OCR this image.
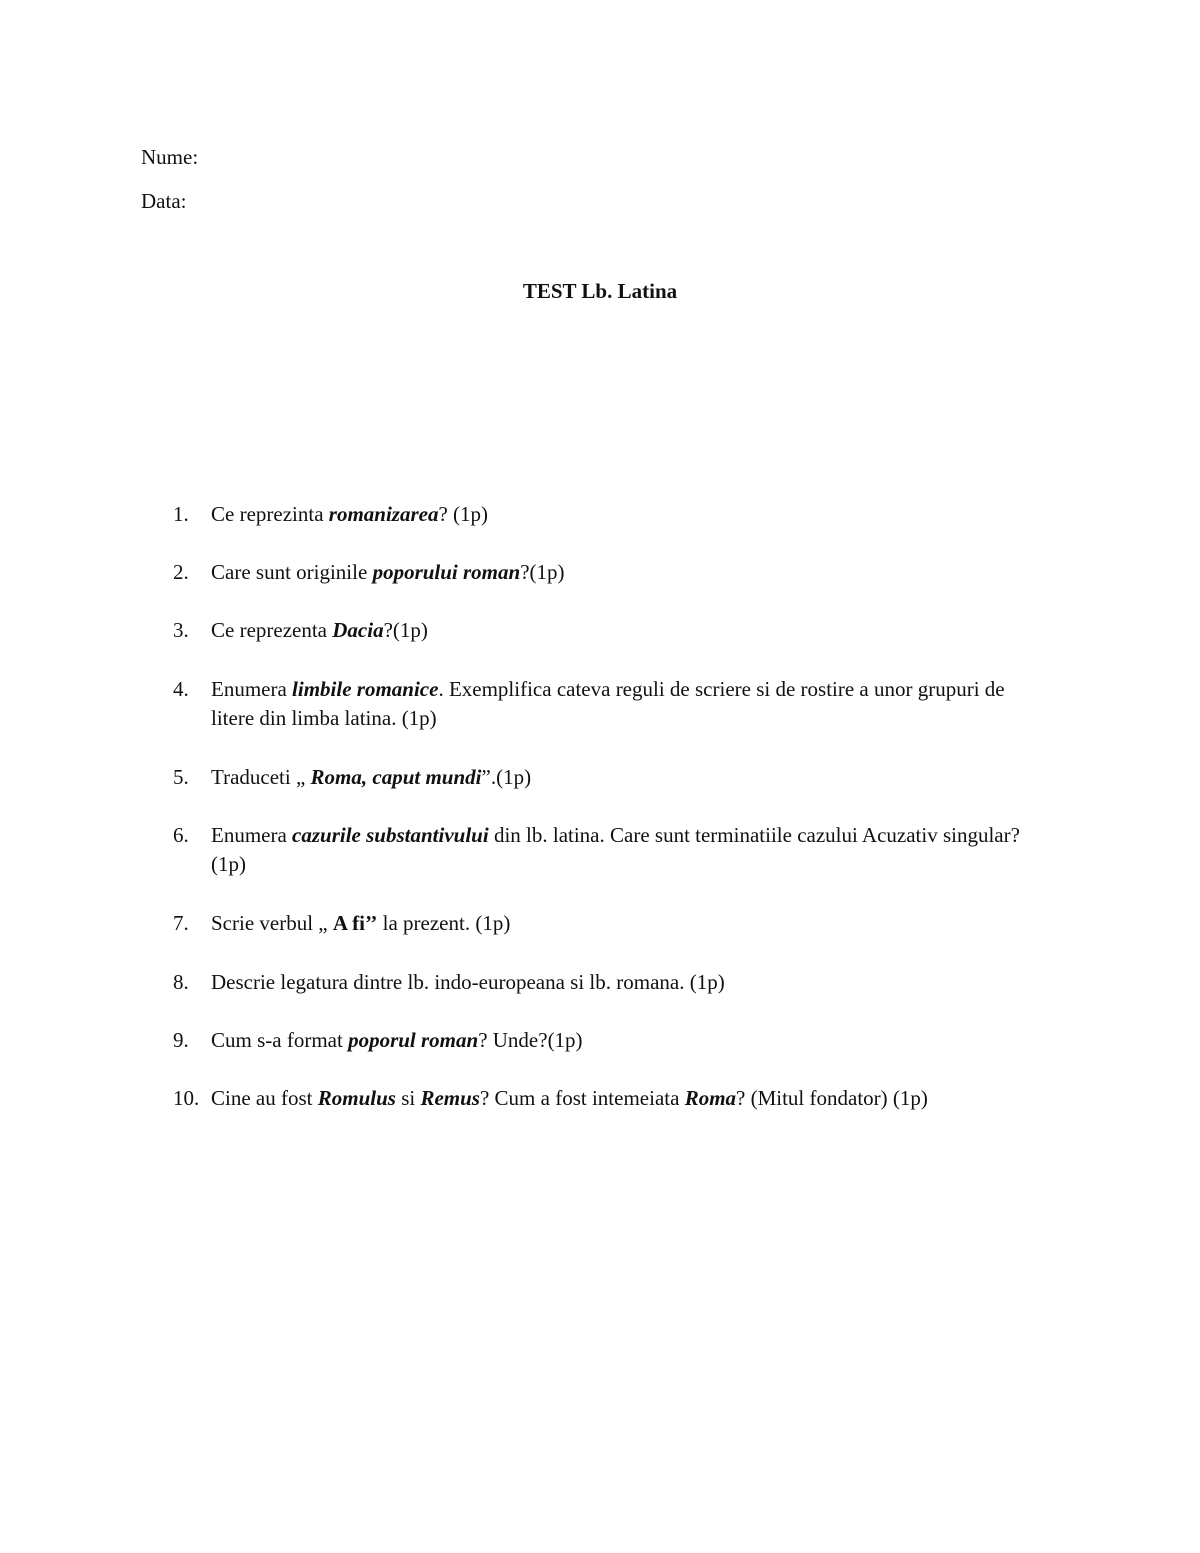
Nume:
Data:
TEST Lb. Latina
1. Ce reprezinta romanizarea? (1p)
2. Care sunt originile poporului roman?(1p)
3. Ce reprezenta Dacia?(1p)
4. Enumera limbile romanice. Exemplifica cateva reguli de scriere si de rostire a unor grupuri de litere din limba latina. (1p)
5. Traduceti „ Roma, caput mundi”.(1p)
6. Enumera cazurile substantivului din lb. latina. Care sunt terminatiile cazului Acuzativ singular? (1p)
7. Scrie verbul „ A fi’’ la prezent. (1p)
8. Descrie legatura dintre lb. indo-europeana si lb. romana. (1p)
9. Cum s-a format poporul roman? Unde?(1p)
10. Cine au fost Romulus si Remus? Cum a fost intemeiata Roma? (Mitul fondator) (1p)
